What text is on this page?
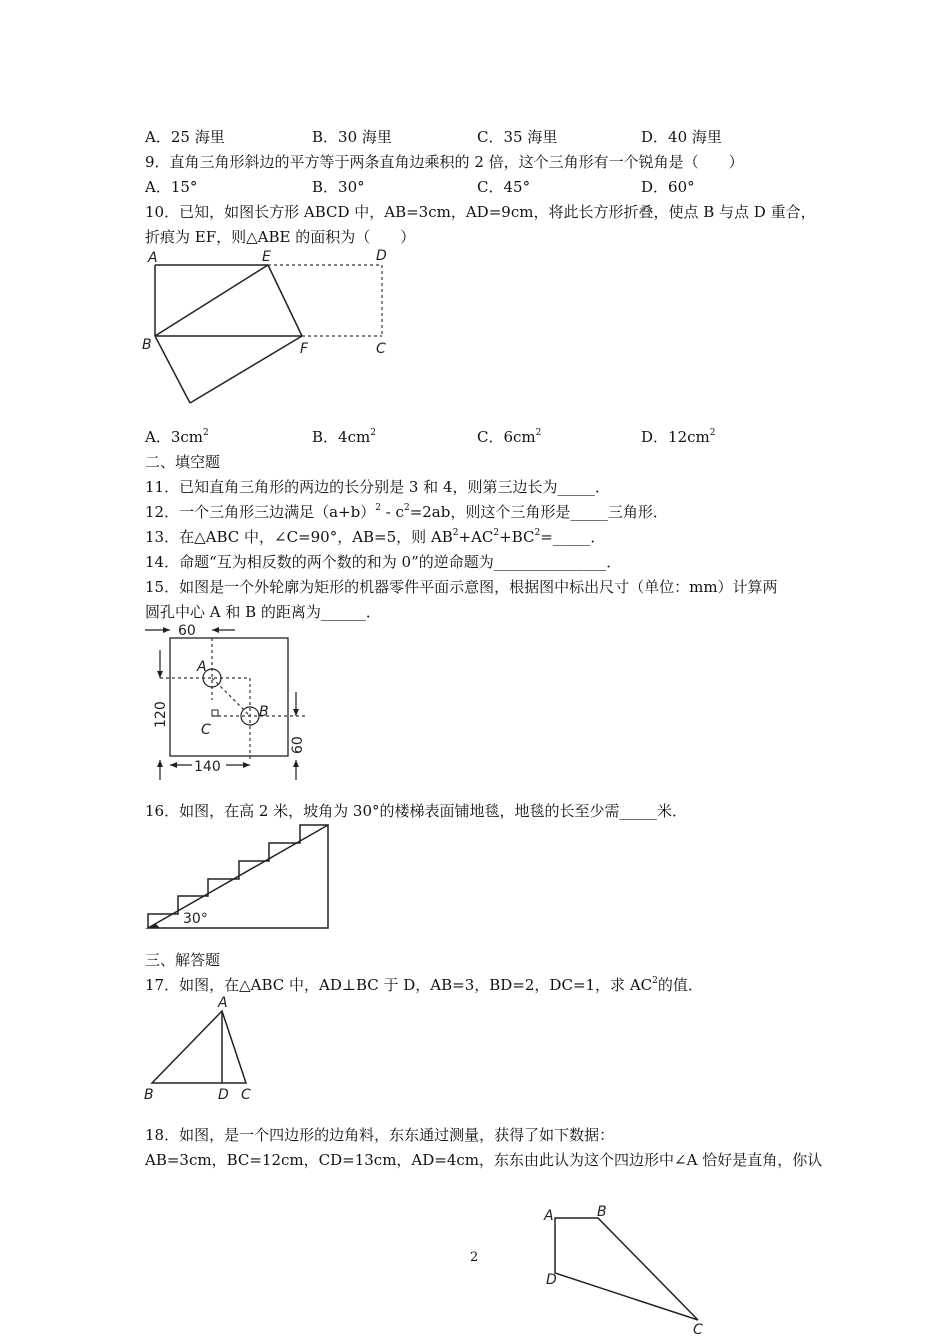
A．25 海里	B．30 海里	C．35 海里	D．40 海里
9．直角三角形斜边的平方等于两条直角边乘积的 2 倍，这个三角形有一个锐角是（　　）
A．15°	B．30°	C．45°	D．60°
10．已知，如图长方形 ABCD 中，AB=3cm，AD=9cm，将此长方形折叠，使点 B 与点 D 重合，
折痕为 EF，则△ABE 的面积为（　　）
A	E	D
B	F	C
A．$3cm^2$	B．$4cm^2$	C．$6cm^2$	D．$12cm^2$
二、填空题
11．已知直角三角形的两边的长分别是 3 和 4，则第三边长为_____．
12．一个三角形三边满足$(a+b)^2 - c^2=2ab$，则这个三角形是_____三角形．
13．在△ABC 中，∠C=90°，AB=5，则 $AB^2+AC^2+BC^2=\_\_\_\_\_$．
14．命题“互为相反数的两个数的和为 0”的逆命题为_______________．
15．如图是一个外轮廓为矩形的机器零件平面示意图，根据图中标出尺寸（单位：mm）计算两
圆孔中心 A 和 B 的距离为______．
60
A
B
C
120
60
140
16．如图，在高 2 米，坡角为 30°的楼梯表面铺地毯，地毯的长至少需_____米．
30°
三、解答题
17．如图，在△ABC 中，AD⊥BC 于 D，AB=3，BD=2，DC=1，求 $AC^2$的值．
A
B	D C
18．如图，是一个四边形的边角料，东东通过测量，获得了如下数据：
AB=3cm，BC=12cm，CD=13cm，AD=4cm，东东由此认为这个四边形中∠A 恰好是直角，你认
A	B
D
C
2
